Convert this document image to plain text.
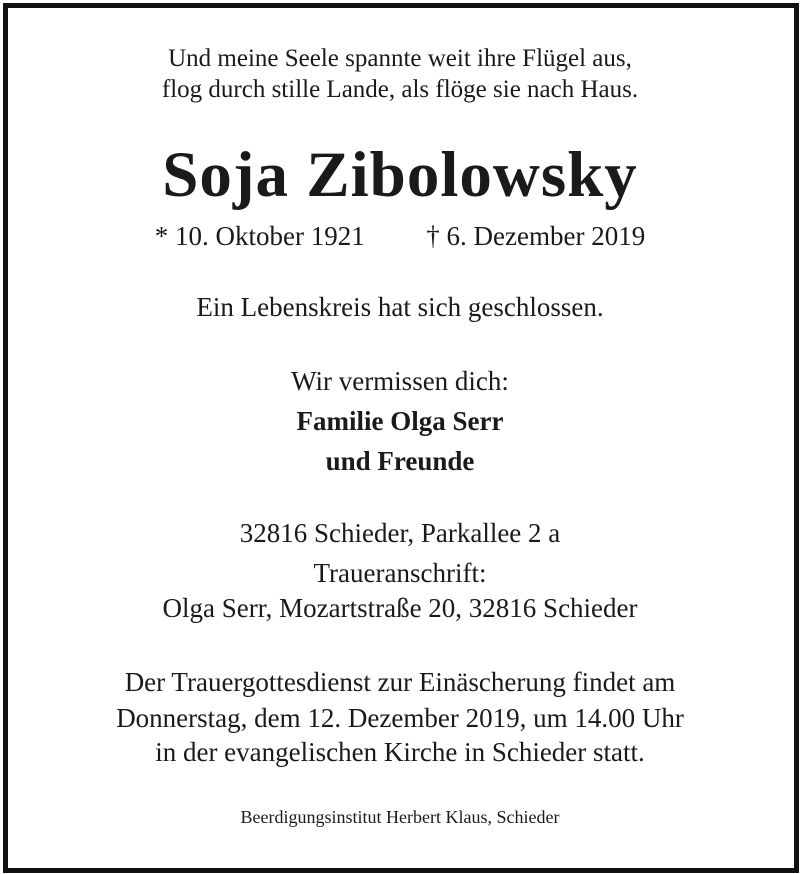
Und meine Seele spannte weit ihre Flügel aus,
flog durch stille Lande, als flöge sie nach Haus.
Soja Zibolowsky
* 10. Oktober 1921 † 6. Dezember 2019
Ein Lebenskreis hat sich geschlossen.
Wir vermissen dich:
Familie Olga Serr
und Freunde
32816 Schieder, Parkallee 2 a
Traueranschrift:
Olga Serr, Mozartstraße 20, 32816 Schieder
Der Trauergottesdienst zur Einäscherung findet am
Donnerstag, dem 12. Dezember 2019, um 14.00 Uhr
in der evangelischen Kirche in Schieder statt.
Beerdigungsinstitut Herbert Klaus, Schieder
